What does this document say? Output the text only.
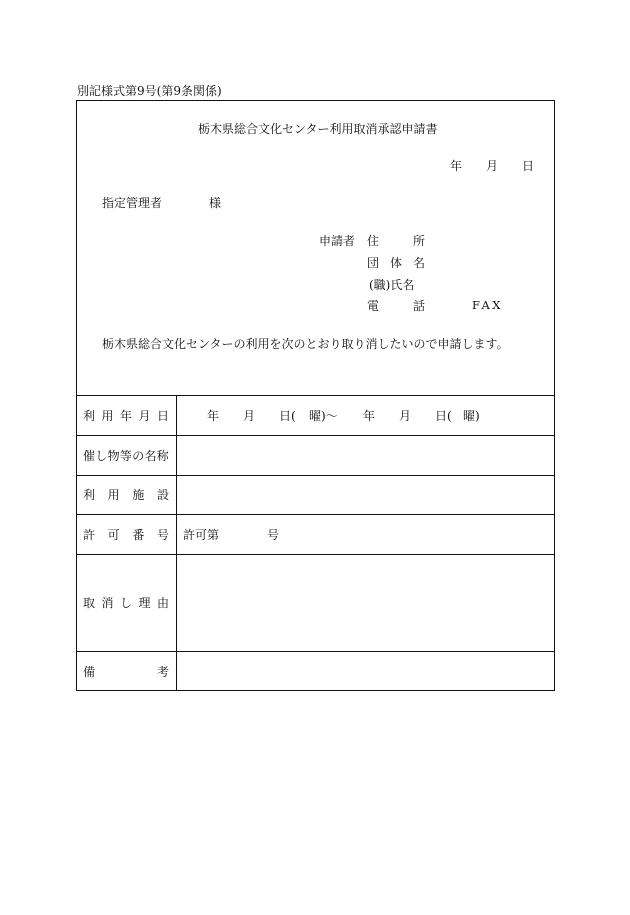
別記様式第9号(第9条関係)
栃木県総合文化センター利用取消承認申請書
年 月 日
指定管理者	様
申請者 住	所
団 体 名
(職)氏名
電	話	FAX
栃木県総合文化センターの利用を次のとおり取り消したいので申請します。
利 用 年 月 日	年 月 日( 曜)～ 年 月 日( 曜)
催し物等の名称
利 用 施 設
許 可 番 号 許可第	号
取 消 し 理 由
備	考
